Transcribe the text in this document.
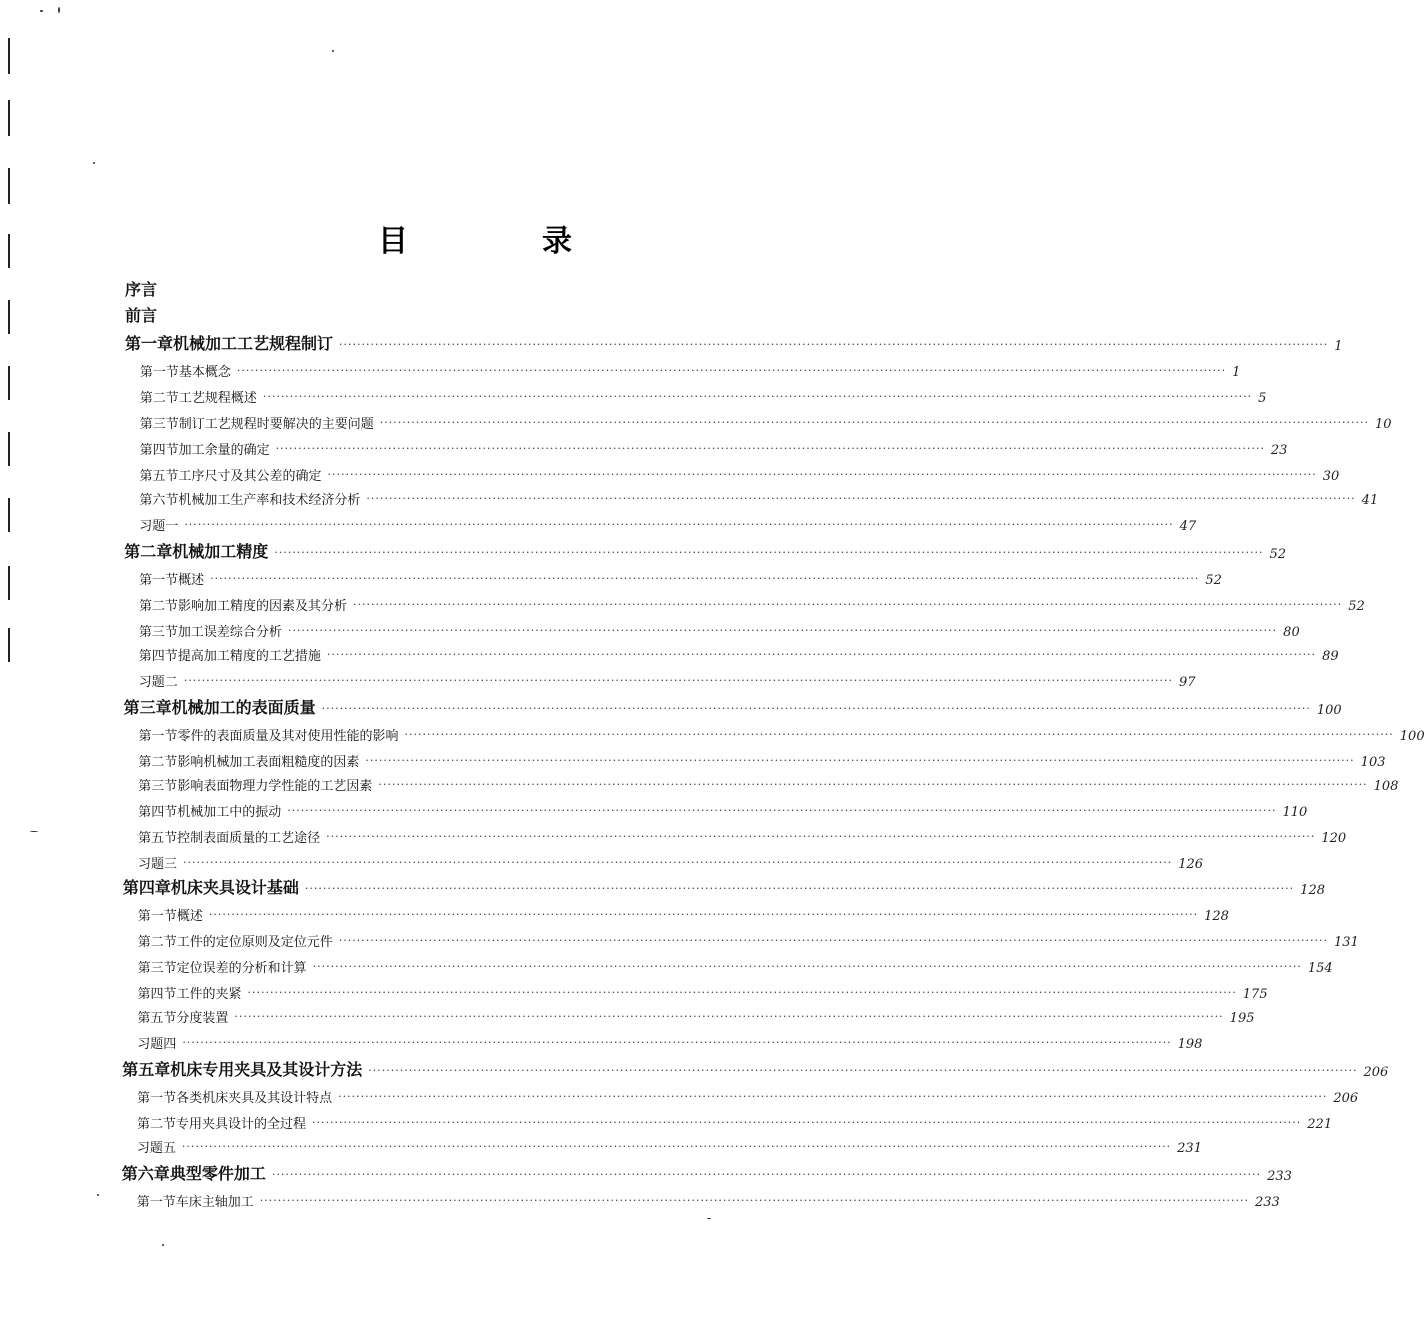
目　录
序言
前言
第一章 机械加工工艺规程制订 ···························································································································································································································· 1
第一节 基本概念 ···························································································································································································································· 1
第二节 工艺规程概述 ···························································································································································································································· 5
第三节 制订工艺规程时要解决的主要问题 ···························································································································································································································· 10
第四节 加工余量的确定 ···························································································································································································································· 23
第五节 工序尺寸及其公差的确定 ···························································································································································································································· 30
第六节 机械加工生产率和技术经济分析 ···························································································································································································································· 41
习题一 ···························································································································································································································· 47
第二章 机械加工精度 ···························································································································································································································· 52
第一节 概述 ···························································································································································································································· 52
第二节 影响加工精度的因素及其分析 ···························································································································································································································· 52
第三节 加工误差综合分析 ···························································································································································································································· 80
第四节 提高加工精度的工艺措施 ···························································································································································································································· 89
习题二 ···························································································································································································································· 97
第三章 机械加工的表面质量 ···························································································································································································································· 100
第一节 零件的表面质量及其对使用性能的影响 ···························································································································································································································· 100
第二节 影响机械加工表面粗糙度的因素 ···························································································································································································································· 103
第三节 影响表面物理力学性能的工艺因素 ···························································································································································································································· 108
第四节 机械加工中的振动 ···························································································································································································································· 110
第五节 控制表面质量的工艺途径 ···························································································································································································································· 120
习题三 ···························································································································································································································· 126
第四章 机床夹具设计基础 ···························································································································································································································· 128
第一节 概述 ···························································································································································································································· 128
第二节 工件的定位原则及定位元件 ···························································································································································································································· 131
第三节 定位误差的分析和计算 ···························································································································································································································· 154
第四节 工件的夹紧 ···························································································································································································································· 175
第五节 分度装置 ···························································································································································································································· 195
习题四 ···························································································································································································································· 198
第五章 机床专用夹具及其设计方法 ···························································································································································································································· 206
第一节 各类机床夹具及其设计特点 ···························································································································································································································· 206
第二节 专用夹具设计的全过程 ···························································································································································································································· 221
习题五 ···························································································································································································································· 231
第六章 典型零件加工 ···························································································································································································································· 233
第一节 车床主轴加工 ···························································································································································································································· 233
